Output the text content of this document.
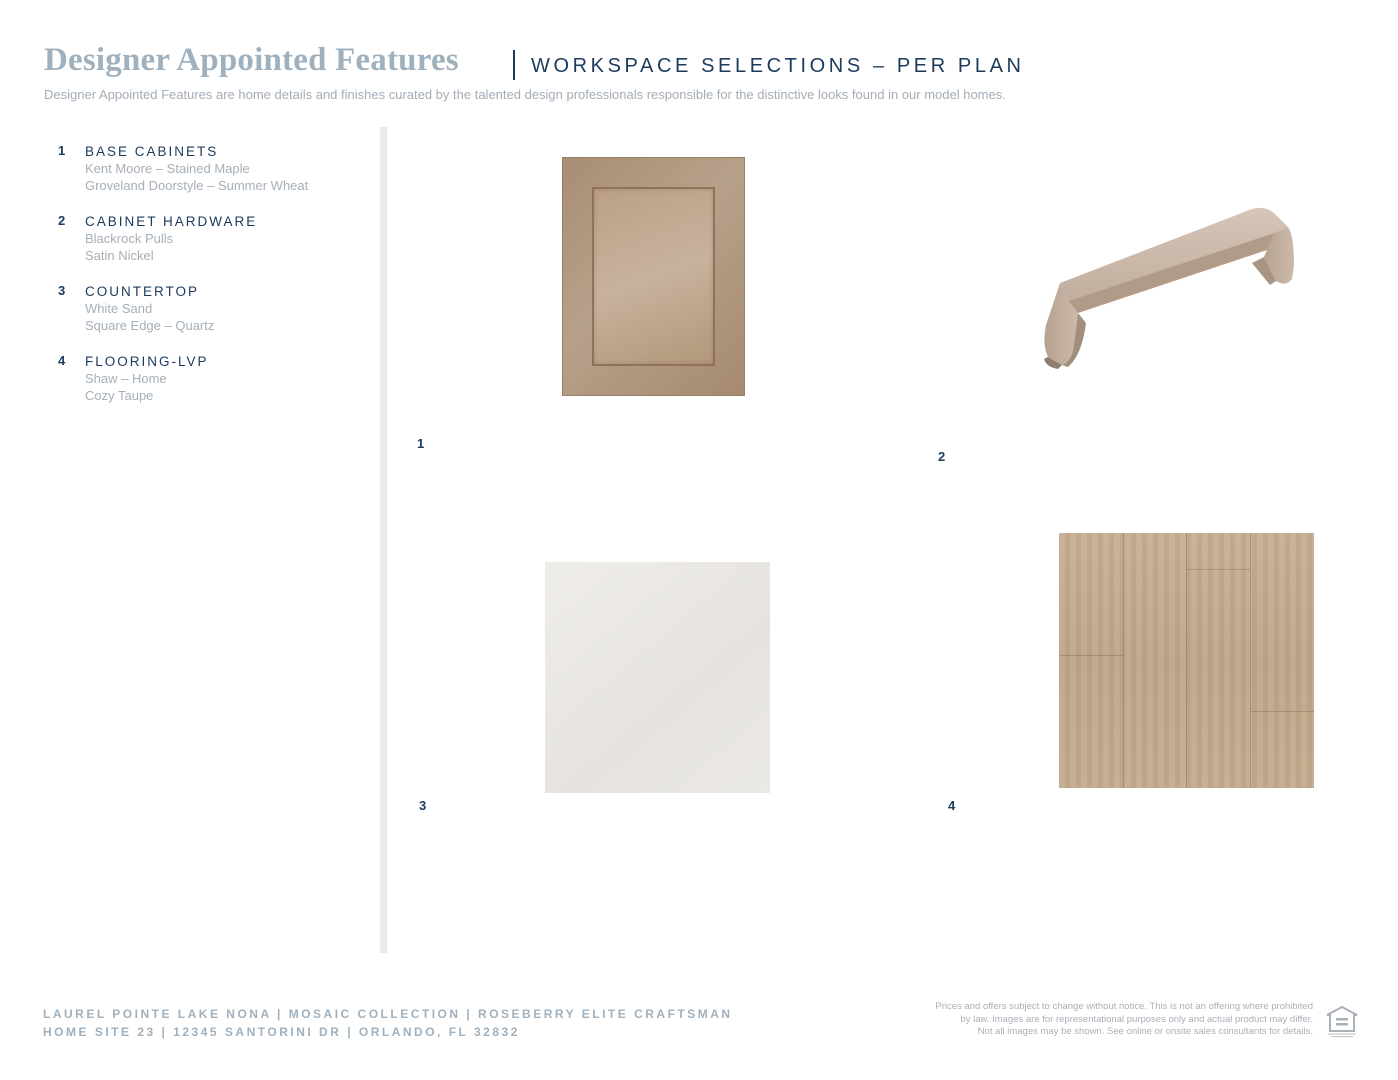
Designer Appointed Features	WORKSPACE SELECTIONS – PER PLAN
Designer Appointed Features are home details and finishes curated by the talented design professionals responsible for the distinctive looks found in our model homes.
1 BASE CABINETS
Kent Moore – Stained Maple
Groveland Doorstyle – Summer Wheat
2 CABINET HARDWARE
Blackrock Pulls
Satin Nickel
3 COUNTERTOP
White Sand
Square Edge – Quartz
4 FLOORING-LVP
Shaw – Home
Cozy Taupe
1
2
3	4
LAUREL POINTE LAKE NONA | MOSAIC COLLECTION | ROSEBERRY ELITE CRAFTSMAN
HOME SITE 23 | 12345 SANTORINI DR | ORLANDO, FL 32832
Prices and offers subject to change without notice. This is not an offering where prohibited
by law. Images are for representational purposes only and actual product may differ.
Not all images may be shown. See online or onsite sales consultants for details.
